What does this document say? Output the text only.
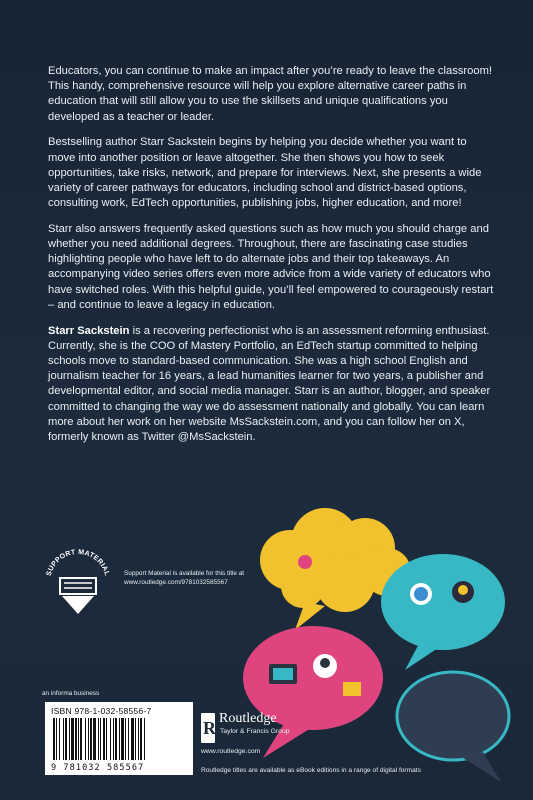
Educators, you can continue to make an impact after you’re ready to leave the classroom! This handy, comprehensive resource will help you explore alternative career paths in education that will still allow you to use the skillsets and unique qualifications you developed as a teacher or leader.

Bestselling author Starr Sackstein begins by helping you decide whether you want to move into another position or leave altogether. She then shows you how to seek opportunities, take risks, network, and prepare for interviews. Next, she presents a wide variety of career pathways for educators, including school and district-based options, consulting work, EdTech opportunities, publishing jobs, higher education, and more!

Starr also answers frequently asked questions such as how much you should charge and whether you need additional degrees. Throughout, there are fascinating case studies highlighting people who have left to do alternate jobs and their top takeaways. An accompanying video series offers even more advice from a wide variety of educators who have switched roles. With this helpful guide, you’ll feel empowered to courageously restart – and continue to leave a legacy in education.

Starr Sackstein is a recovering perfectionist who is an assessment reforming enthusiast. Currently, she is the COO of Mastery Portfolio, an EdTech startup committed to helping schools move to standard-based communication. She was a high school English and journalism teacher for 16 years, a lead humanities learner for two years, a publisher and developmental editor, and social media manager. Starr is an author, blogger, and speaker committed to changing the way we do assessment nationally and globally. You can learn more about her work on her website MsSackstein.com, and you can follow her on X, formerly known as Twitter @MsSackstein.

SUPPORT MATERIAL Support Material is available for this title at
www.routledge.com/9781032585567
an informa business
ISBN 978-1-032-58556-7
9 781032 585567
R Routledge
Taylor & Francis Group
www.routledge.com
Routledge titles are available as eBook editions in a range of digital formats
